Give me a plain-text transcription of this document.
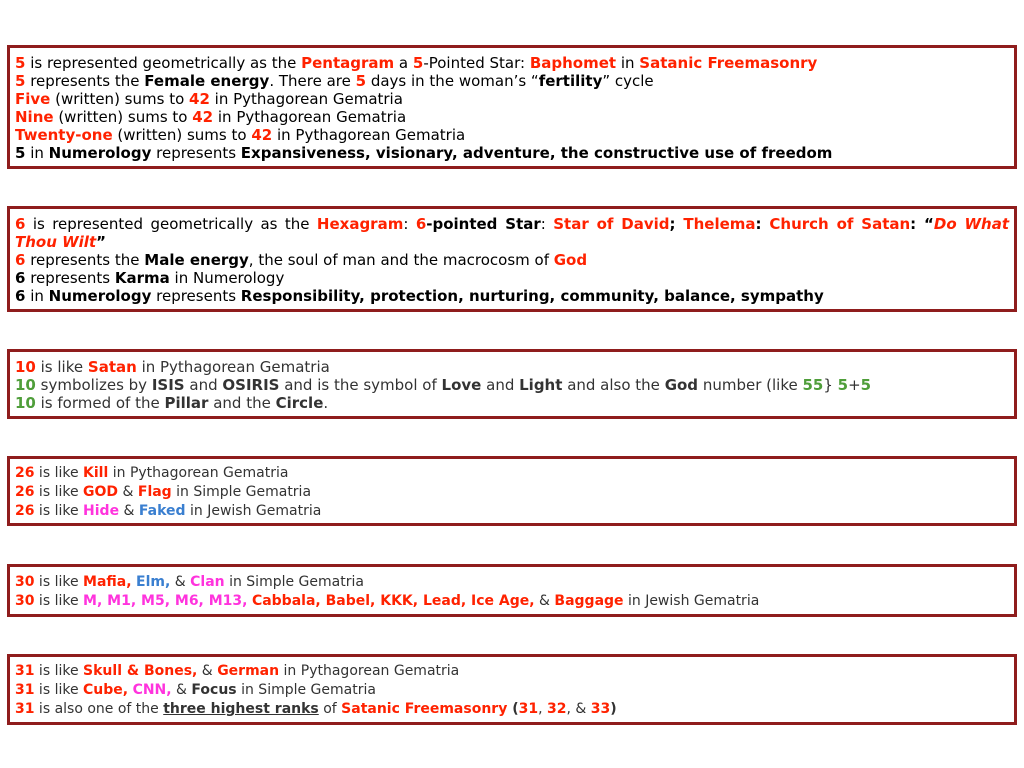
5 is represented geometrically as the Pentagram a 5-Pointed Star: Baphomet in Satanic Freemasonry
5 represents the Female energy. There are 5 days in the woman’s “fertility” cycle
Five (written) sums to 42 in Pythagorean Gematria
Nine (written) sums to 42 in Pythagorean Gematria
Twenty-one (written) sums to 42 in Pythagorean Gematria
5 in Numerology represents Expansiveness, visionary, adventure, the constructive use of freedom
6 is represented geometrically as the Hexagram: 6-pointed Star: Star of David; Thelema: Church of Satan: “Do What Thou Wilt”
6 represents the Male energy, the soul of man and the macrocosm of God
6 represents Karma in Numerology
6 in Numerology represents Responsibility, protection, nurturing, community, balance, sympathy
10 is like Satan in Pythagorean Gematria
10 symbolizes by ISIS and OSIRIS and is the symbol of Love and Light and also the God number (like 55} 5+5
10 is formed of the Pillar and the Circle.
26 is like Kill in Pythagorean Gematria
26 is like GOD & Flag in Simple Gematria
26 is like Hide & Faked in Jewish Gematria
30 is like Mafia, Elm, & Clan in Simple Gematria
30 is like M, M1, M5, M6, M13, Cabbala, Babel, KKK, Lead, Ice Age, & Baggage in Jewish Gematria
31 is like Skull & Bones, & German in Pythagorean Gematria
31 is like Cube, CNN, & Focus in Simple Gematria
31 is also one of the three highest ranks of Satanic Freemasonry (31, 32, & 33)
